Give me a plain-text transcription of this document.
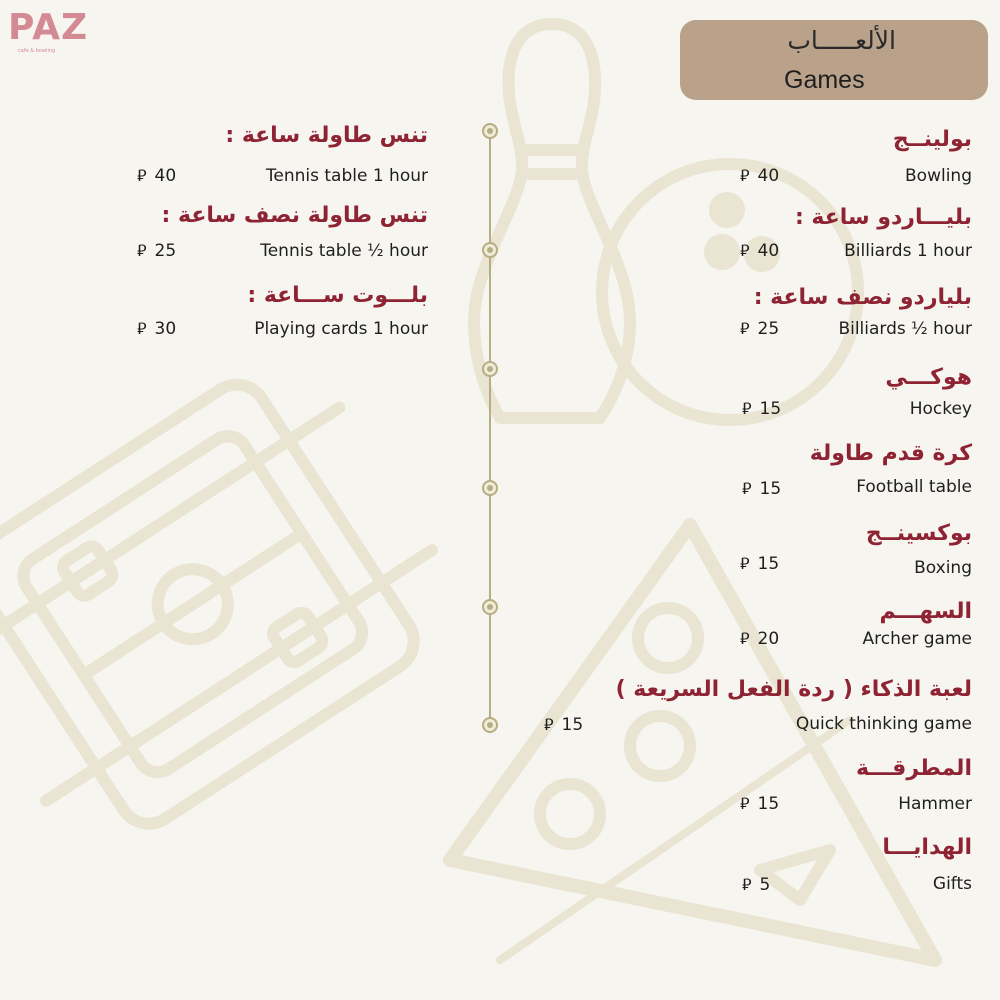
PAZ
cafe & bowling	الألعـــــاب
Games
بولينــج
Bowling
⃁ 40
بليـــاردو ساعة :
Billiards 1 hour
⃁ 40
بلياردو نصف ساعة :
Billiards ½ hour
⃁ 25
هوكـــي
Hockey
⃁ 15
كرة قدم طاولة
Football table
⃁ 15
بوكسينــج
Boxing
⃁ 15
السهـــم
Archer game
⃁ 20
لعبة الذكاء ( ردة الفعل السريعة )
Quick thinking game
⃁ 15
المطرقـــة
Hammer
⃁ 15
الهدايـــا
Gifts
⃁ 5
تنس طاولة ساعة :
Tennis table 1 hour
⃁ 40
تنس طاولة نصف ساعة :
Tennis table ½ hour
⃁ 25
بلـــوت ســـاعة :
Playing cards 1 hour
⃁ 30
